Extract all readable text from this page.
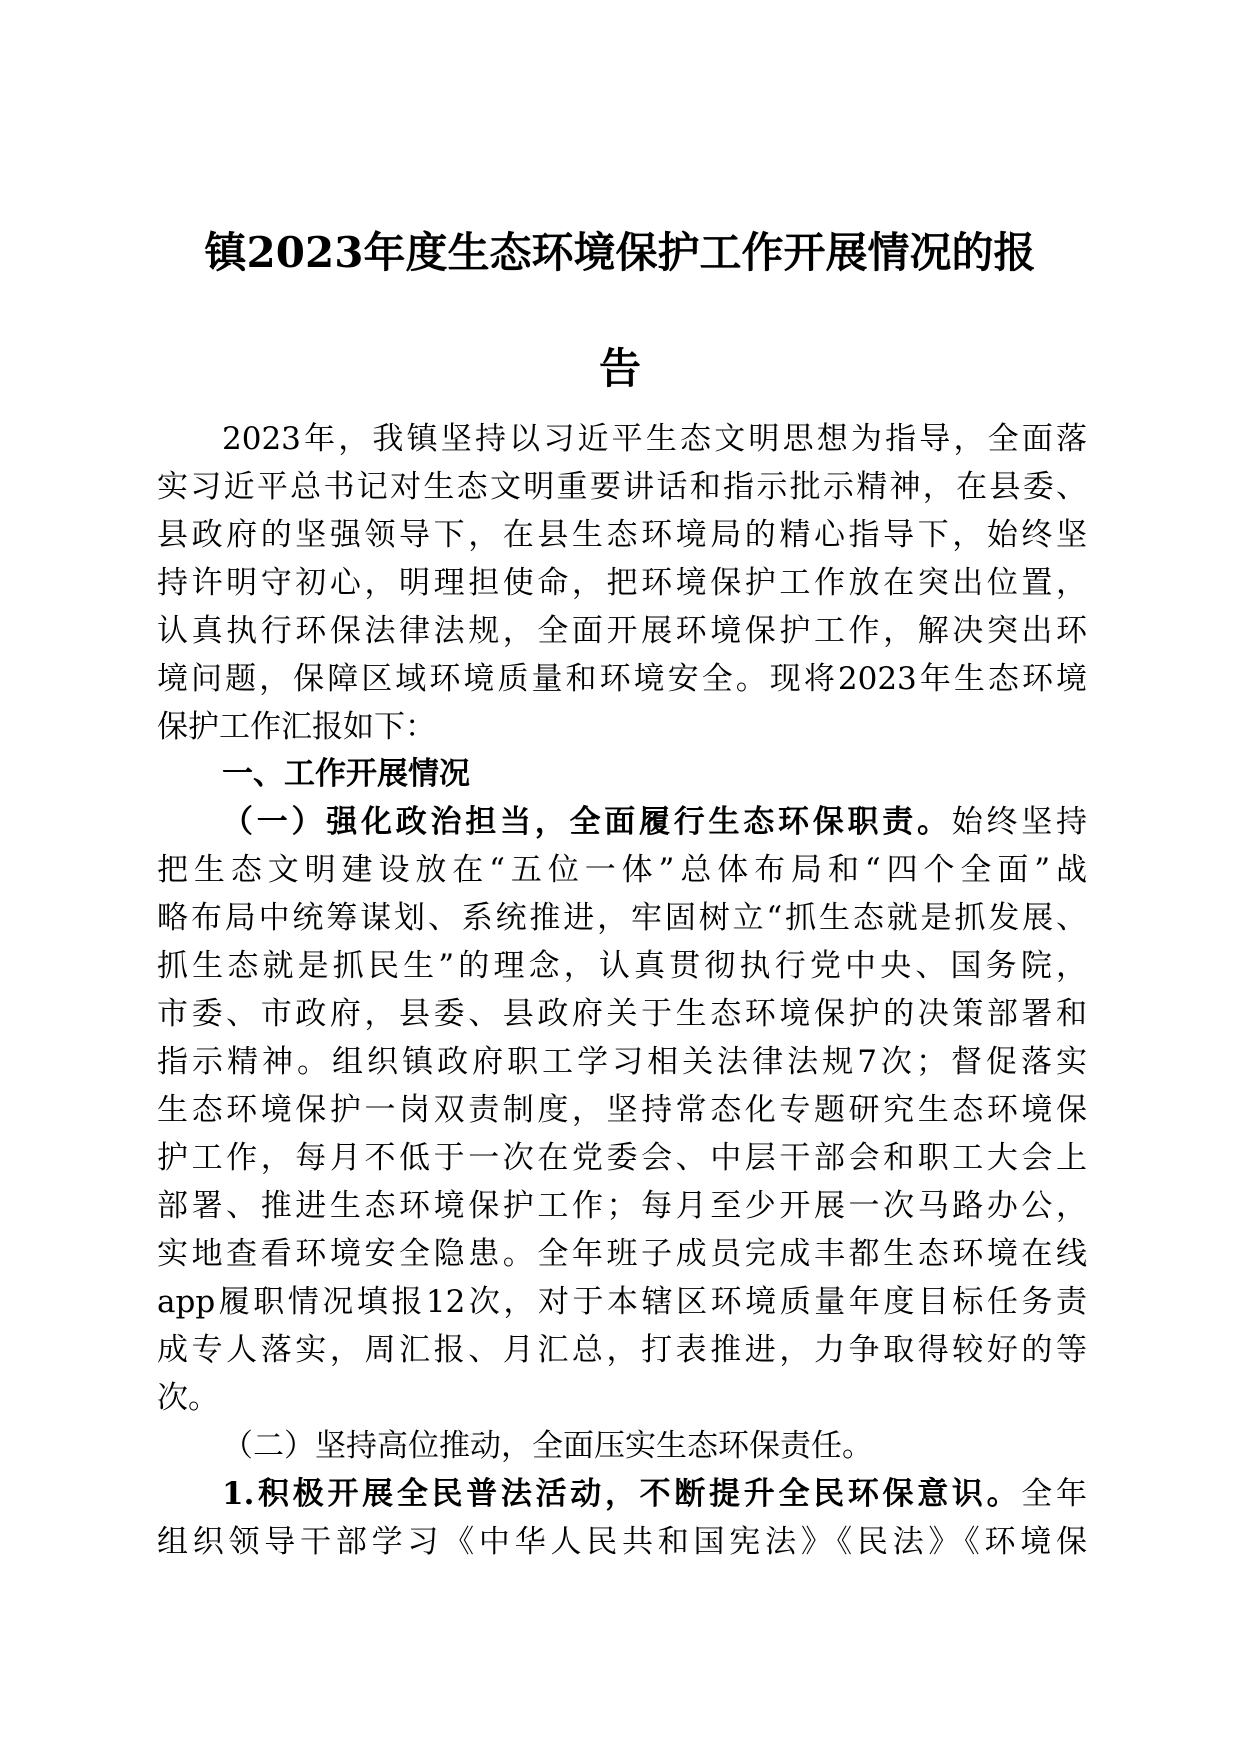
镇2023年度生态环境保护工作开展情况的报
告
2023年，我镇坚持以习近平生态文明思想为指导，全面落
实习近平总书记对生态文明重要讲话和指示批示精神，在县委、
县政府的坚强领导下，在县生态环境局的精心指导下，始终坚
持许明守初心，明理担使命，把环境保护工作放在突出位置，
认真执行环保法律法规，全面开展环境保护工作，解决突出环
境问题，保障区域环境质量和环境安全。现将2023年生态环境
保护工作汇报如下：
一、工作开展情况
（一）强化政治担当，全面履行生态环保职责。始终坚持
把生态文明建设放在“五位一体”总体布局和“四个全面”战
略布局中统筹谋划、系统推进，牢固树立“抓生态就是抓发展、
抓生态就是抓民生”的理念，认真贯彻执行党中央、国务院，
市委、市政府，县委、县政府关于生态环境保护的决策部署和
指示精神。组织镇政府职工学习相关法律法规7次；督促落实
生态环境保护一岗双责制度，坚持常态化专题研究生态环境保
护工作，每月不低于一次在党委会、中层干部会和职工大会上
部署、推进生态环境保护工作；每月至少开展一次马路办公，
实地查看环境安全隐患。全年班子成员完成丰都生态环境在线
app履职情况填报12次，对于本辖区环境质量年度目标任务责
成专人落实，周汇报、月汇总，打表推进，力争取得较好的等
次。
（二）坚持高位推动，全面压实生态环保责任。
1.积极开展全民普法活动，不断提升全民环保意识。全年
组织领导干部学习《中华人民共和国宪法》《民法》《环境保
